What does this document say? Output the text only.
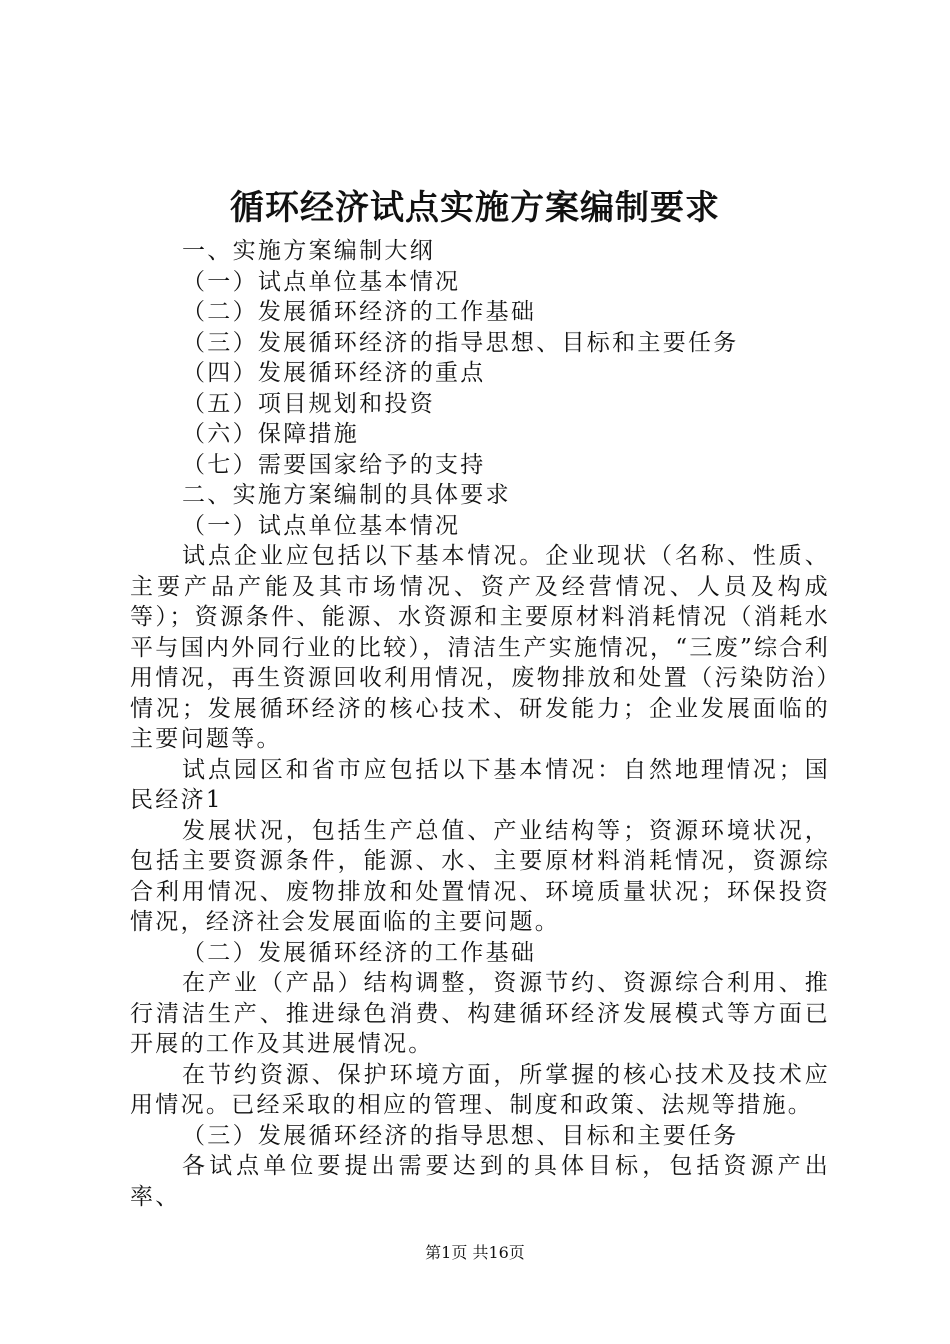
循环经济试点实施方案编制要求

一、实施方案编制大纲

（一）试点单位基本情况

（二）发展循环经济的工作基础

（三）发展循环经济的指导思想、目标和主要任务

（四）发展循环经济的重点

（五）项目规划和投资

（六）保障措施

（七）需要国家给予的支持

二、实施方案编制的具体要求

（一）试点单位基本情况

试点企业应包括以下基本情况。企业现状（名称、性质、主要产品产能及其市场情况、资产及经营情况、人员及构成等）；资源条件、能源、水资源和主要原材料消耗情况（消耗水平与国内外同行业的比较），清洁生产实施情况，“三废”综合利用情况，再生资源回收利用情况，废物排放和处置（污染防治）情况；发展循环经济的核心技术、研发能力；企业发展面临的主要问题等。

试点园区和省市应包括以下基本情况：自然地理情况；国民经济1

发展状况，包括生产总值、产业结构等；资源环境状况，包括主要资源条件，能源、水、主要原材料消耗情况，资源综合利用情况、废物排放和处置情况、环境质量状况；环保投资情况，经济社会发展面临的主要问题。

（二）发展循环经济的工作基础

在产业（产品）结构调整，资源节约、资源综合利用、推行清洁生产、推进绿色消费、构建循环经济发展模式等方面已开展的工作及其进展情况。

在节约资源、保护环境方面，所掌握的核心技术及技术应用情况。已经采取的相应的管理、制度和政策、法规等措施。

（三）发展循环经济的指导思想、目标和主要任务

各试点单位要提出需要达到的具体目标，包括资源产出率、

第1页 共16页
